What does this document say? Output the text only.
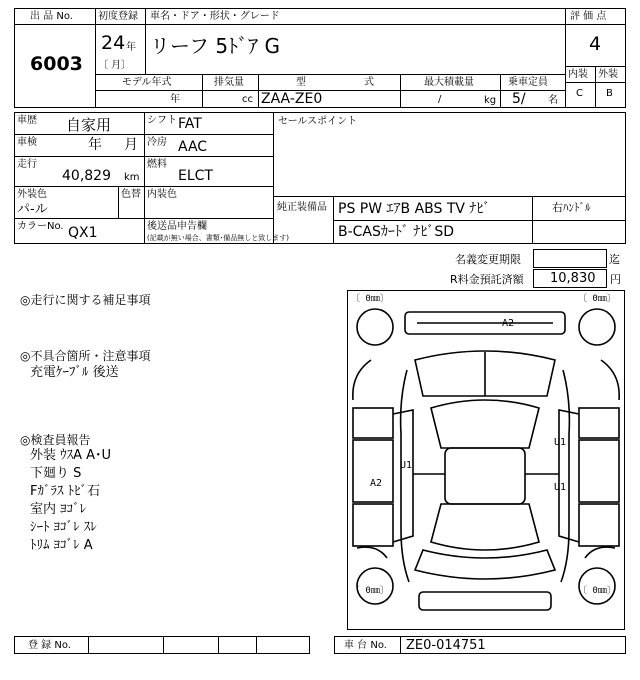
出 品 No.
6003
初度登録
24 年
〔 月〕
車名・ドア・形状・グレード
リーフ 5ﾄﾞｱ G
評 価 点
4
内装 外装
C B
モデル年式
年
排気量
cc
型	式
ZAA-ZE0
最大積載量
/	kg
乗車定員
5/ 名
車歴 自家用	シフト FAT
車検	年 月 冷房 AAC
走行
40,829 km
燃料
ELCT
外装色
パ-ル
色替 内装色
カラーNo. QX1	後送品申告欄
(記載が無い場合、書類･備品無しと致します)
セールスポイント
純正装備品 PS PW ｴｱB ABS TV ﾅﾋﾞ
B-CASｶｰﾄﾞ ﾅﾋﾞSD
右ﾊﾝﾄﾞﾙ
名義変更期限	迄
R料金預託済額 10,830 円
◎走行に関する補足事項
◎不具合箇所・注意事項
充電ｹｰﾌﾞﾙ 後送
◎検査員報告
外装 ｳｽA A･U
下廻り S
Fｶﾞﾗｽ ﾄﾋﾞ石
室内 ﾖｺﾞﾚ
ｼｰﾄ ﾖｺﾞﾚ ｽﾚ
ﾄﾘﾑ ﾖｺﾞﾚ A
〔 0㎜〕	〔 0㎜〕
〔 0㎜〕	〔 0㎜〕
A2
A2
U1
U1
U1
登 録 No.	車 台 No. ZE0-014751
